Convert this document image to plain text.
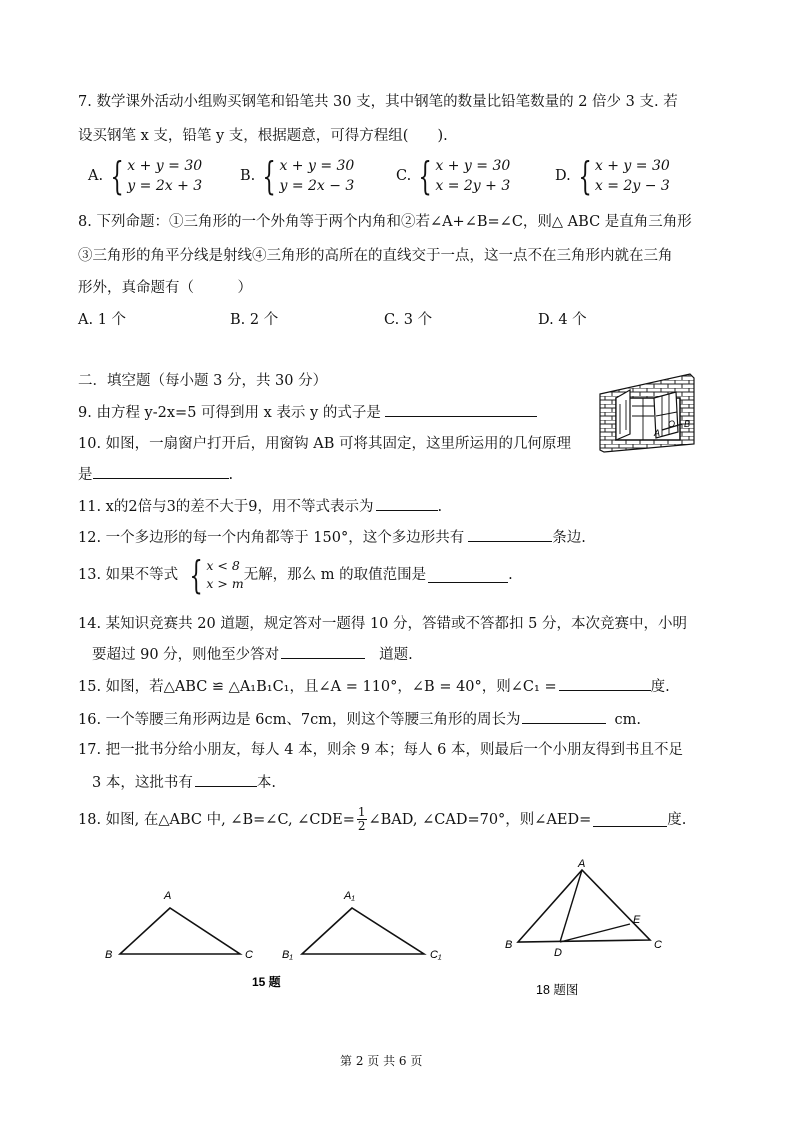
7. 数学课外活动小组购买钢笔和铅笔共 30 支，其中钢笔的数量比铅笔数量的 2 倍少 3 支. 若
设买钢笔 x 支，铅笔 y 支，根据题意，可得方程组(　　).
A. { x + y = 30
y = 2x + 3
B. { x + y = 30
y = 2x − 3
C. { x + y = 30
x = 2y + 3
D. { x + y = 30
x = 2y − 3
8. 下列命题：①三角形的一个外角等于两个内角和②若∠A+∠B=∠C，则△ ABC 是直角三角形
③三角形的角平分线是射线④三角形的高所在的直线交于一点，这一点不在三角形内就在三角
形外，真命题有（　　　）
A. 1 个	B. 2 个	C. 3 个	D. 4 个
二．填空题（每小题 3 分，共 30 分）
9. 由方程 y-2x=5 可得到用 x 表示 y 的式子是
A
O B
10. 如图，一扇窗户打开后，用窗钩 AB 可将其固定，这里所运用的几何原理
是	.
11. x的2倍与3的差不大于9，用不等式表示为	.
12. 一个多边形的每一个内角都等于 150°，这个多边形共有	条边.
13. 如果不等式 { x < 8
x > m
无解，那么 m 的取值范围是	.
14. 某知识竞赛共 20 道题，规定答对一题得 10 分，答错或不答都扣 5 分，本次竞赛中，小明
要超过 90 分，则他至少答对	道题.
15. 如图，若△ABC ≌ △A₁B₁C₁，且∠A = 110°，∠B = 40°，则∠C₁ =	度.
16. 一个等腰三角形两边是 6cm、7cm，则这个等腰三角形的周长为	cm.
17. 把一批书分给小朋友，每人 4 本，则余 9 本；每人 6 本，则最后一个小朋友得到书且不足
3 本，这批书有	本.
18. 如图, 在△ABC 中, ∠B=∠C, ∠CDE= $\frac{1}{2}$ ∠BAD, ∠CAD=70°，则∠AED=	度.
A
B	C
A₁
B₁	C₁
15 题
A
B	C
D
E
18 题图
第 2 页 共 6 页
